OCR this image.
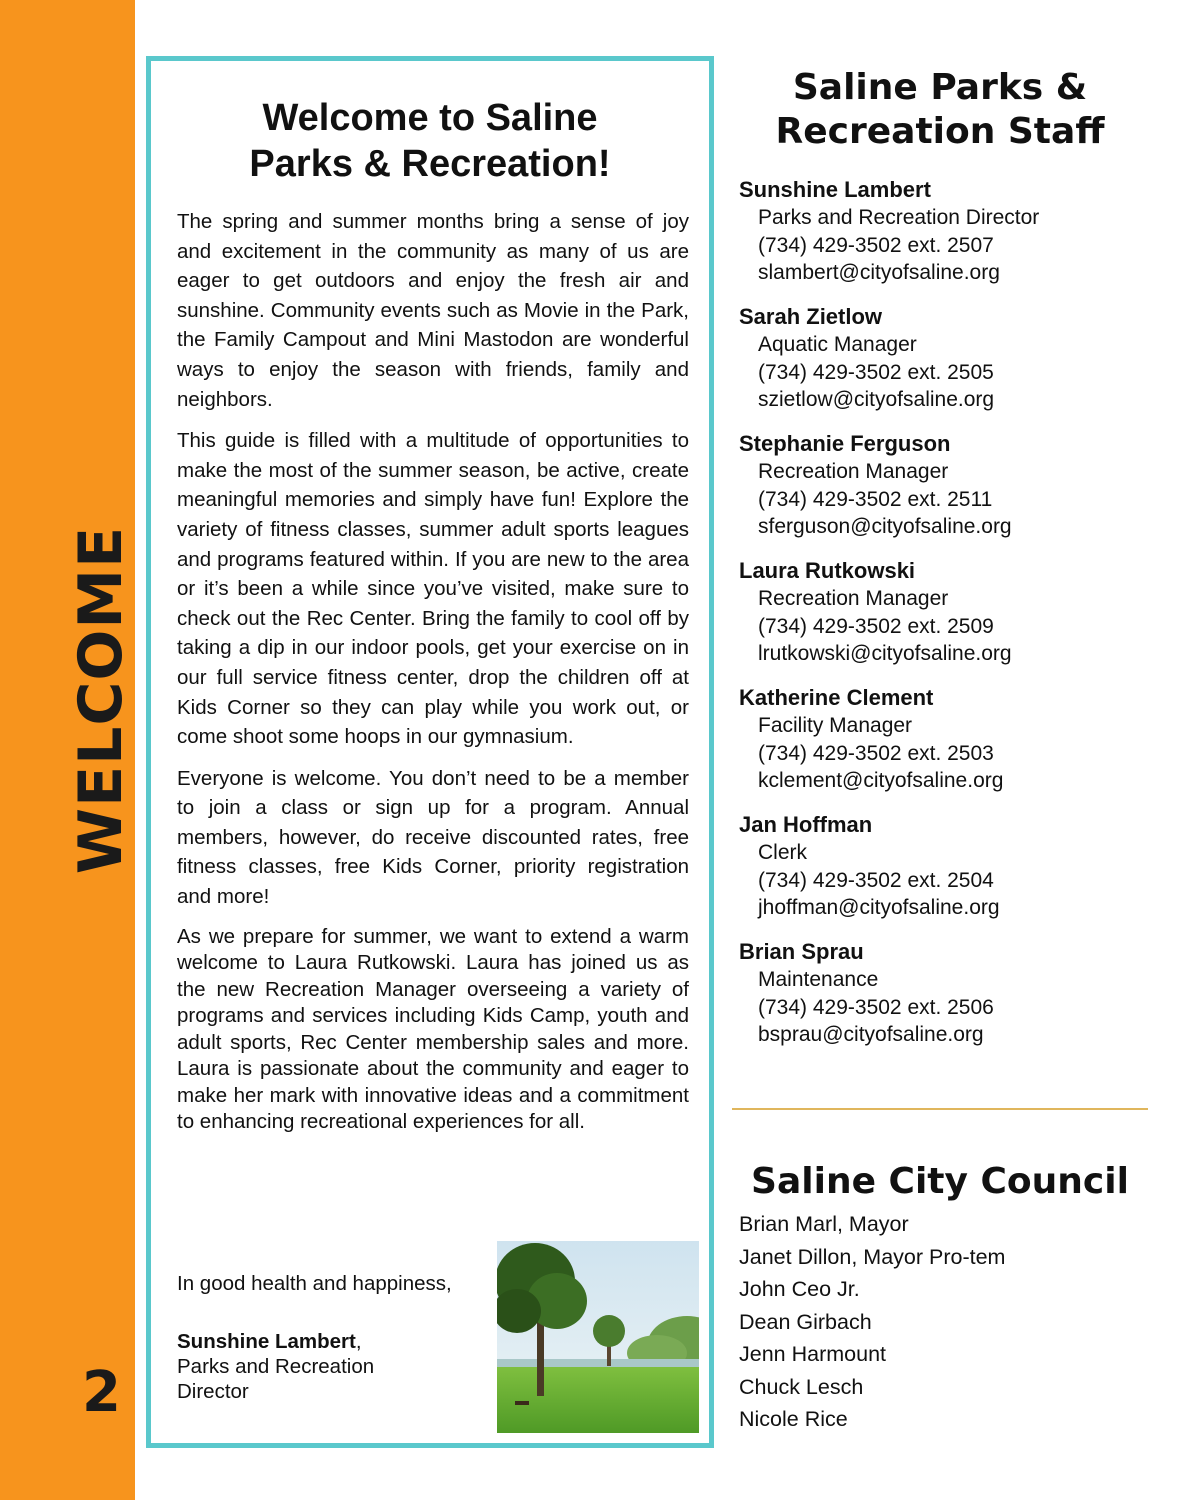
WELCOME
2
Welcome to Saline
Parks & Recreation!

The spring and summer months bring a sense of joy and excitement in the community as many of us are eager to get outdoors and enjoy the fresh air and sunshine. Community events such as Movie in the Park, the Family Campout and Mini Mastodon are wonderful ways to enjoy the season with friends, family and neighbors.

This guide is filled with a multitude of opportunities to make the most of the summer season, be active, create meaningful memories and simply have fun! Explore the variety of fitness classes, summer adult sports leagues and programs featured within. If you are new to the area or it’s been a while since you’ve visited, make sure to check out the Rec Center. Bring the family to cool off by taking a dip in our indoor pools, get your exercise on in our full service fitness center, drop the children off at Kids Corner so they can play while you work out, or come shoot some hoops in our gymnasium.

Everyone is welcome. You don’t need to be a member to join a class or sign up for a program. Annual members, however, do receive discounted rates, free fitness classes, free Kids Corner, priority registration and more!

As we prepare for summer, we want to extend a warm welcome to Laura Rutkowski. Laura has joined us as the new Recreation Manager overseeing a variety of programs and services including Kids Camp, youth and adult sports, Rec Center membership sales and more. Laura is passionate about the community and eager to make her mark with innovative ideas and a commitment to enhancing recreational experiences for all.

In good health and happiness,

Sunshine Lambert,
Parks and Recreation
Director

Saline Parks &
Recreation Staff
Sunshine Lambert
Parks and Recreation Director
(734) 429-3502 ext. 2507
slambert@cityofsaline.org
Sarah Zietlow
Aquatic Manager
(734) 429-3502 ext. 2505
szietlow@cityofsaline.org
Stephanie Ferguson
Recreation Manager
(734) 429-3502 ext. 2511
sferguson@cityofsaline.org
Laura Rutkowski
Recreation Manager
(734) 429-3502 ext. 2509
lrutkowski@cityofsaline.org
Katherine Clement
Facility Manager
(734) 429-3502 ext. 2503
kclement@cityofsaline.org
Jan Hoffman
Clerk
(734) 429-3502 ext. 2504
jhoffman@cityofsaline.org
Brian Sprau
Maintenance
(734) 429-3502 ext. 2506
bsprau@cityofsaline.org
Saline City Council
Brian Marl, Mayor
Janet Dillon, Mayor Pro-tem
John Ceo Jr.
Dean Girbach
Jenn Harmount
Chuck Lesch
Nicole Rice
